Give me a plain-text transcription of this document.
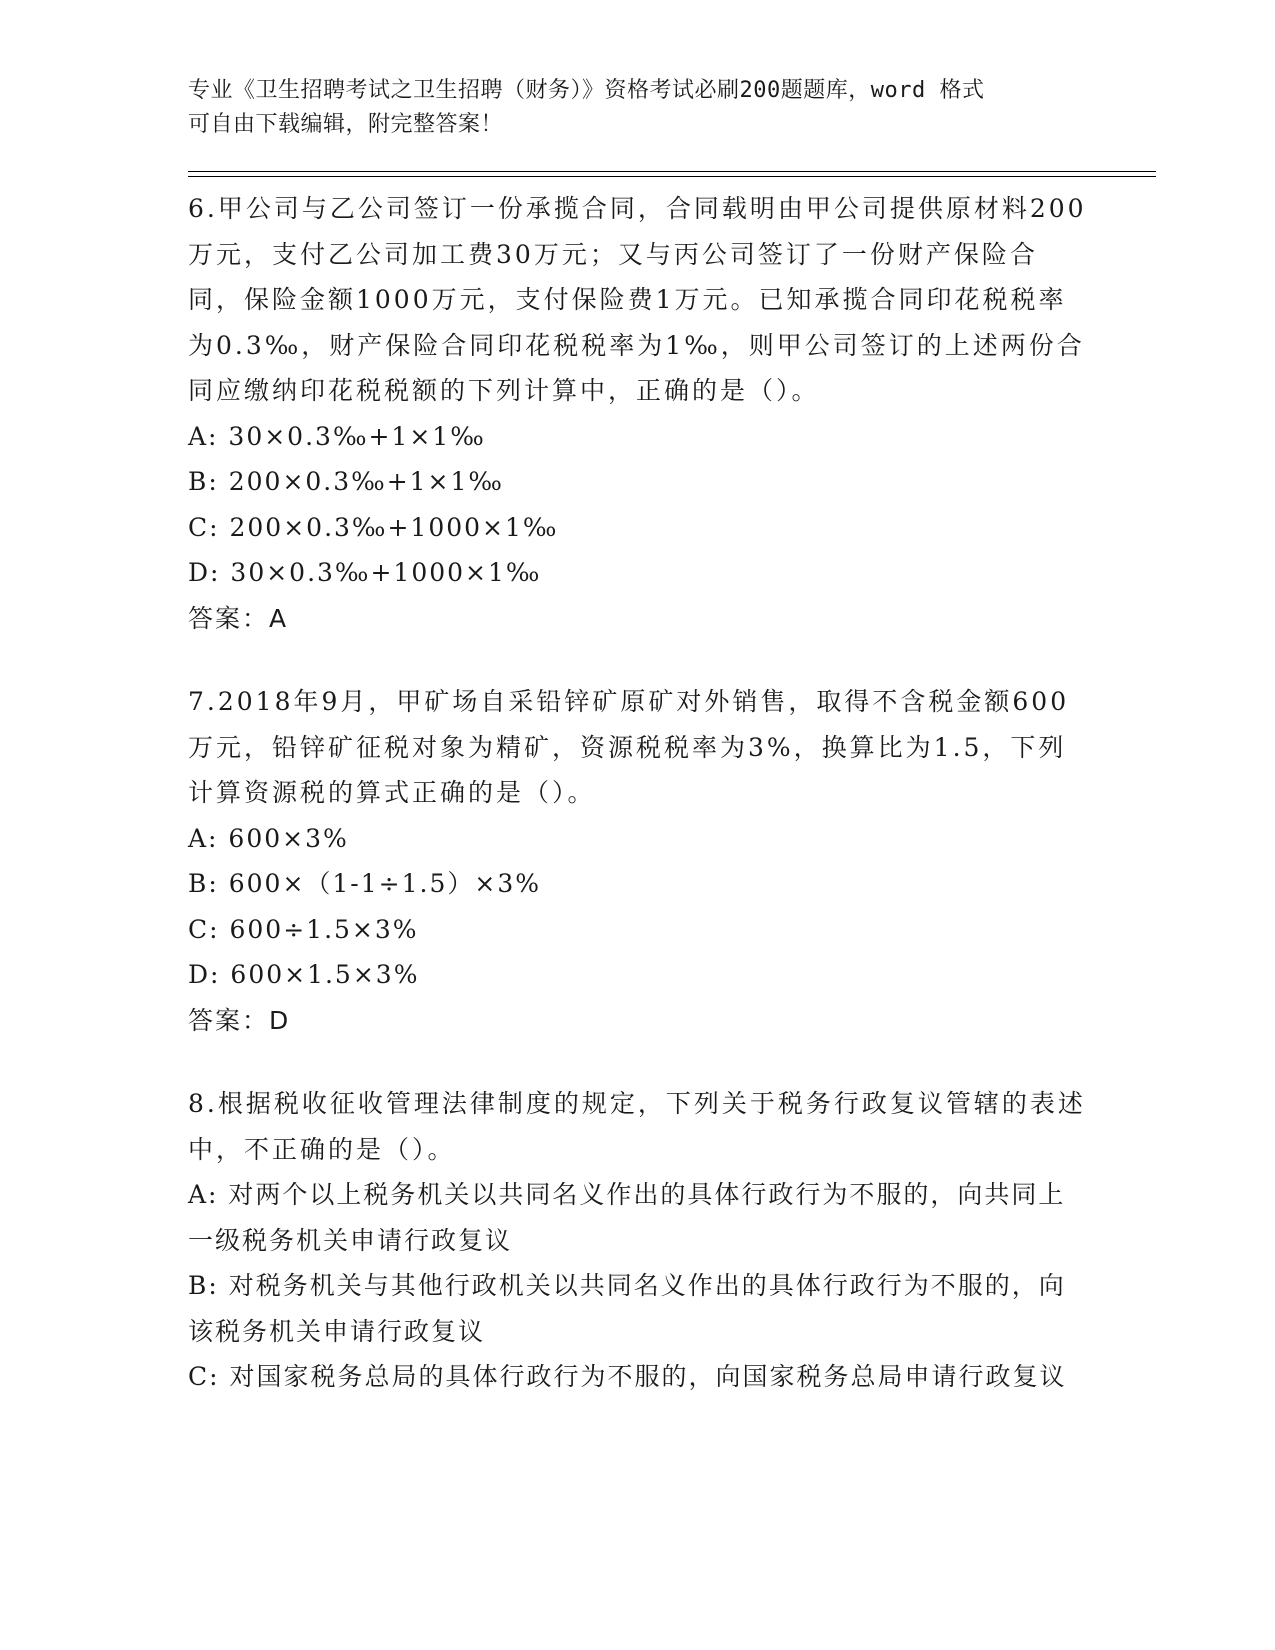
专业《卫生招聘考试之卫生招聘（财务）》资格考试必刷200题题库，word 格式
可自由下载编辑，附完整答案！

6.甲公司与乙公司签订一份承揽合同，合同载明由甲公司提供原材料200万元，支付乙公司加工费30万元；又与丙公司签订了一份财产保险合同，保险金额1000万元，支付保险费1万元。已知承揽合同印花税税率为0.3‰，财产保险合同印花税税率为1‰，则甲公司签订的上述两份合同应缴纳印花税税额的下列计算中，正确的是（）。

A: 30×0.3‰+1×1‰

B: 200×0.3‰+1×1‰

C: 200×0.3‰+1000×1‰

D: 30×0.3‰+1000×1‰

答案：A

7.2018年9月，甲矿场自采铅锌矿原矿对外销售，取得不含税金额600万元，铅锌矿征税对象为精矿，资源税税率为3%，换算比为1.5，下列计算资源税的算式正确的是（）。

A: 600×3%

B: 600×（1-1÷1.5）×3%

C: 600÷1.5×3%

D: 600×1.5×3%

答案：D

8.根据税收征收管理法律制度的规定，下列关于税务行政复议管辖的表述中，不正确的是（）。

A: 对两个以上税务机关以共同名义作出的具体行政行为不服的，向共同上一级税务机关申请行政复议

B: 对税务机关与其他行政机关以共同名义作出的具体行政行为不服的，向该税务机关申请行政复议

C: 对国家税务总局的具体行政行为不服的，向国家税务总局申请行政复议
